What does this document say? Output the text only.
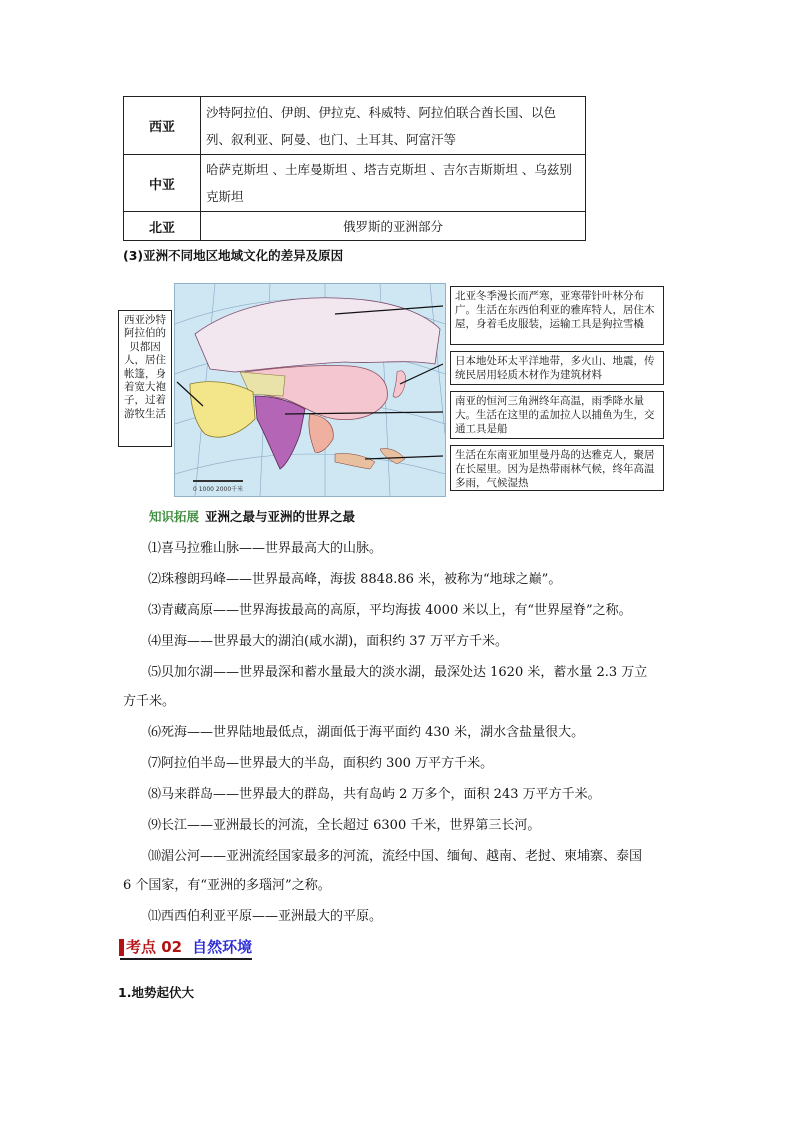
西亚	沙特阿拉伯、伊朗、伊拉克、科威特、阿拉伯联合酋长国、以色列、叙利亚、阿曼、也门、土耳其、阿富汗等
中亚	哈萨克斯坦 、土库曼斯坦 、塔吉克斯坦 、吉尔吉斯斯坦 、乌兹别克斯坦
北亚	俄罗斯的亚洲部分
(3)亚洲不同地区地域文化的差异及原因
西亚沙特阿拉伯的贝都因人，居住帐篷，身着宽大袍子，过着游牧生活
0 1000 2000千米
北亚冬季漫长而严寒，亚寒带针叶林分布广。生活在东西伯利亚的雅库特人，居住木屋，身着毛皮服装，运输工具是狗拉雪橇
日本地处环太平洋地带，多火山、地震，传统民居用轻质木材作为建筑材料
南亚的恒河三角洲终年高温，雨季降水量大。生活在这里的孟加拉人以捕鱼为生，交通工具是船
生活在东南亚加里曼丹岛的达雅克人，聚居在长屋里。因为是热带雨林气候，终年高温多雨，气候湿热
知识拓展 亚洲之最与亚洲的世界之最
⑴喜马拉雅山脉——世界最高大的山脉。
⑵珠穆朗玛峰——世界最高峰，海拔 8848.86 米，被称为“地球之巅”。
⑶青藏高原——世界海拔最高的高原，平均海拔 4000 米以上，有“世界屋脊”之称。
⑷里海——世界最大的湖泊(咸水湖)，面积约 37 万平方千米。
⑸贝加尔湖——世界最深和蓄水量最大的淡水湖，最深处达 1620 米，蓄水量 2.3 万立方千米。
⑹死海——世界陆地最低点，湖面低于海平面约 430 米，湖水含盐量很大。
⑺阿拉伯半岛—世界最大的半岛，面积约 300 万平方千米。
⑻马来群岛——世界最大的群岛，共有岛屿 2 万多个，面积 243 万平方千米。
⑼长江——亚洲最长的河流，全长超过 6300 千米，世界第三长河。
⑽湄公河——亚洲流经国家最多的河流，流经中国、缅甸、越南、老挝、柬埔寨、泰国 6 个国家，有“亚洲的多瑙河”之称。
⑾西西伯利亚平原——亚洲最大的平原。
考点 02 自然环境
1.地势起伏大
